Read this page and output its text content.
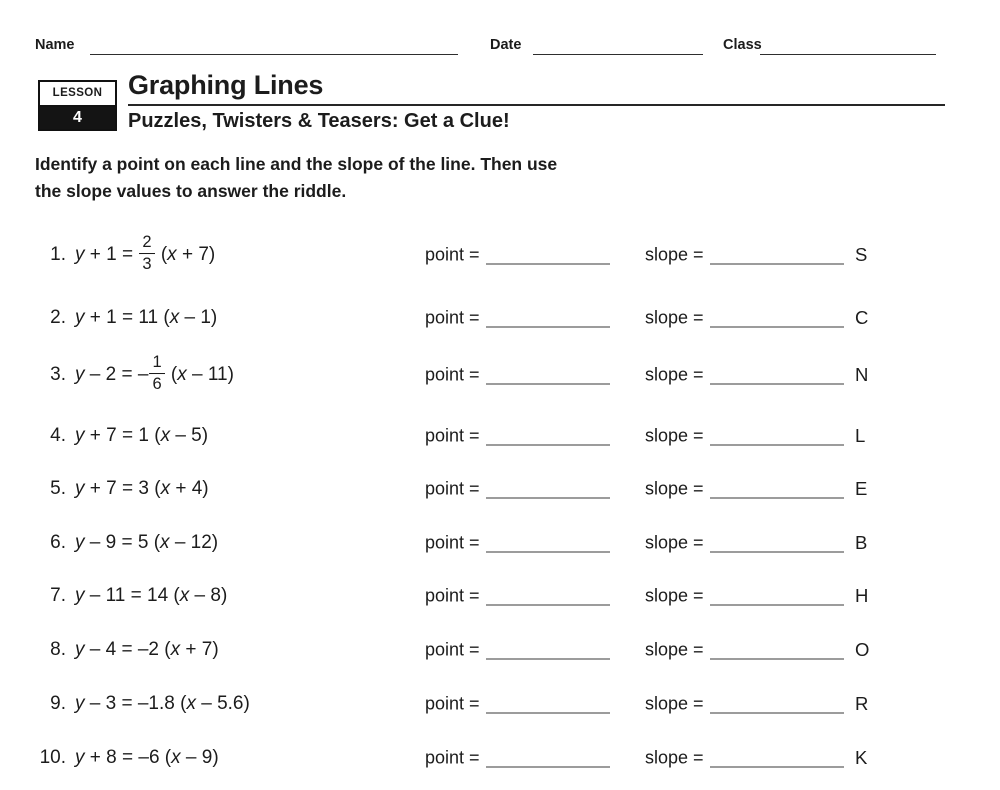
Name	Date	Class
LESSON
4
Graphing Lines
Puzzles, Twisters & Teasers: Get a Clue!
Identify a point on each line and the slope of the line. Then use
the slope values to answer the riddle.
1. $y + 1 = \frac{2}{3} (x + 7)$	point =	slope =	S
2. y + 1 = 11 (x – 1)	point =	slope =	C
3. y – 2 = – $\frac{1}{6} (x - 11)$	point =	slope =	N
4. y + 7 = 1 (x – 5)	point =	slope =	L
5. y + 7 = 3 (x + 4)	point =	slope =	E
6. y – 9 = 5 (x – 12)	point =	slope =	B
7. y – 11 = 14 (x – 8)	point =	slope =	H
8. y – 4 = –2 (x + 7)	point =	slope =	O
9. y – 3 = –1.8 (x – 5.6)	point =	slope =	R
10. y + 8 = –6 (x – 9)	point =	slope =	K
